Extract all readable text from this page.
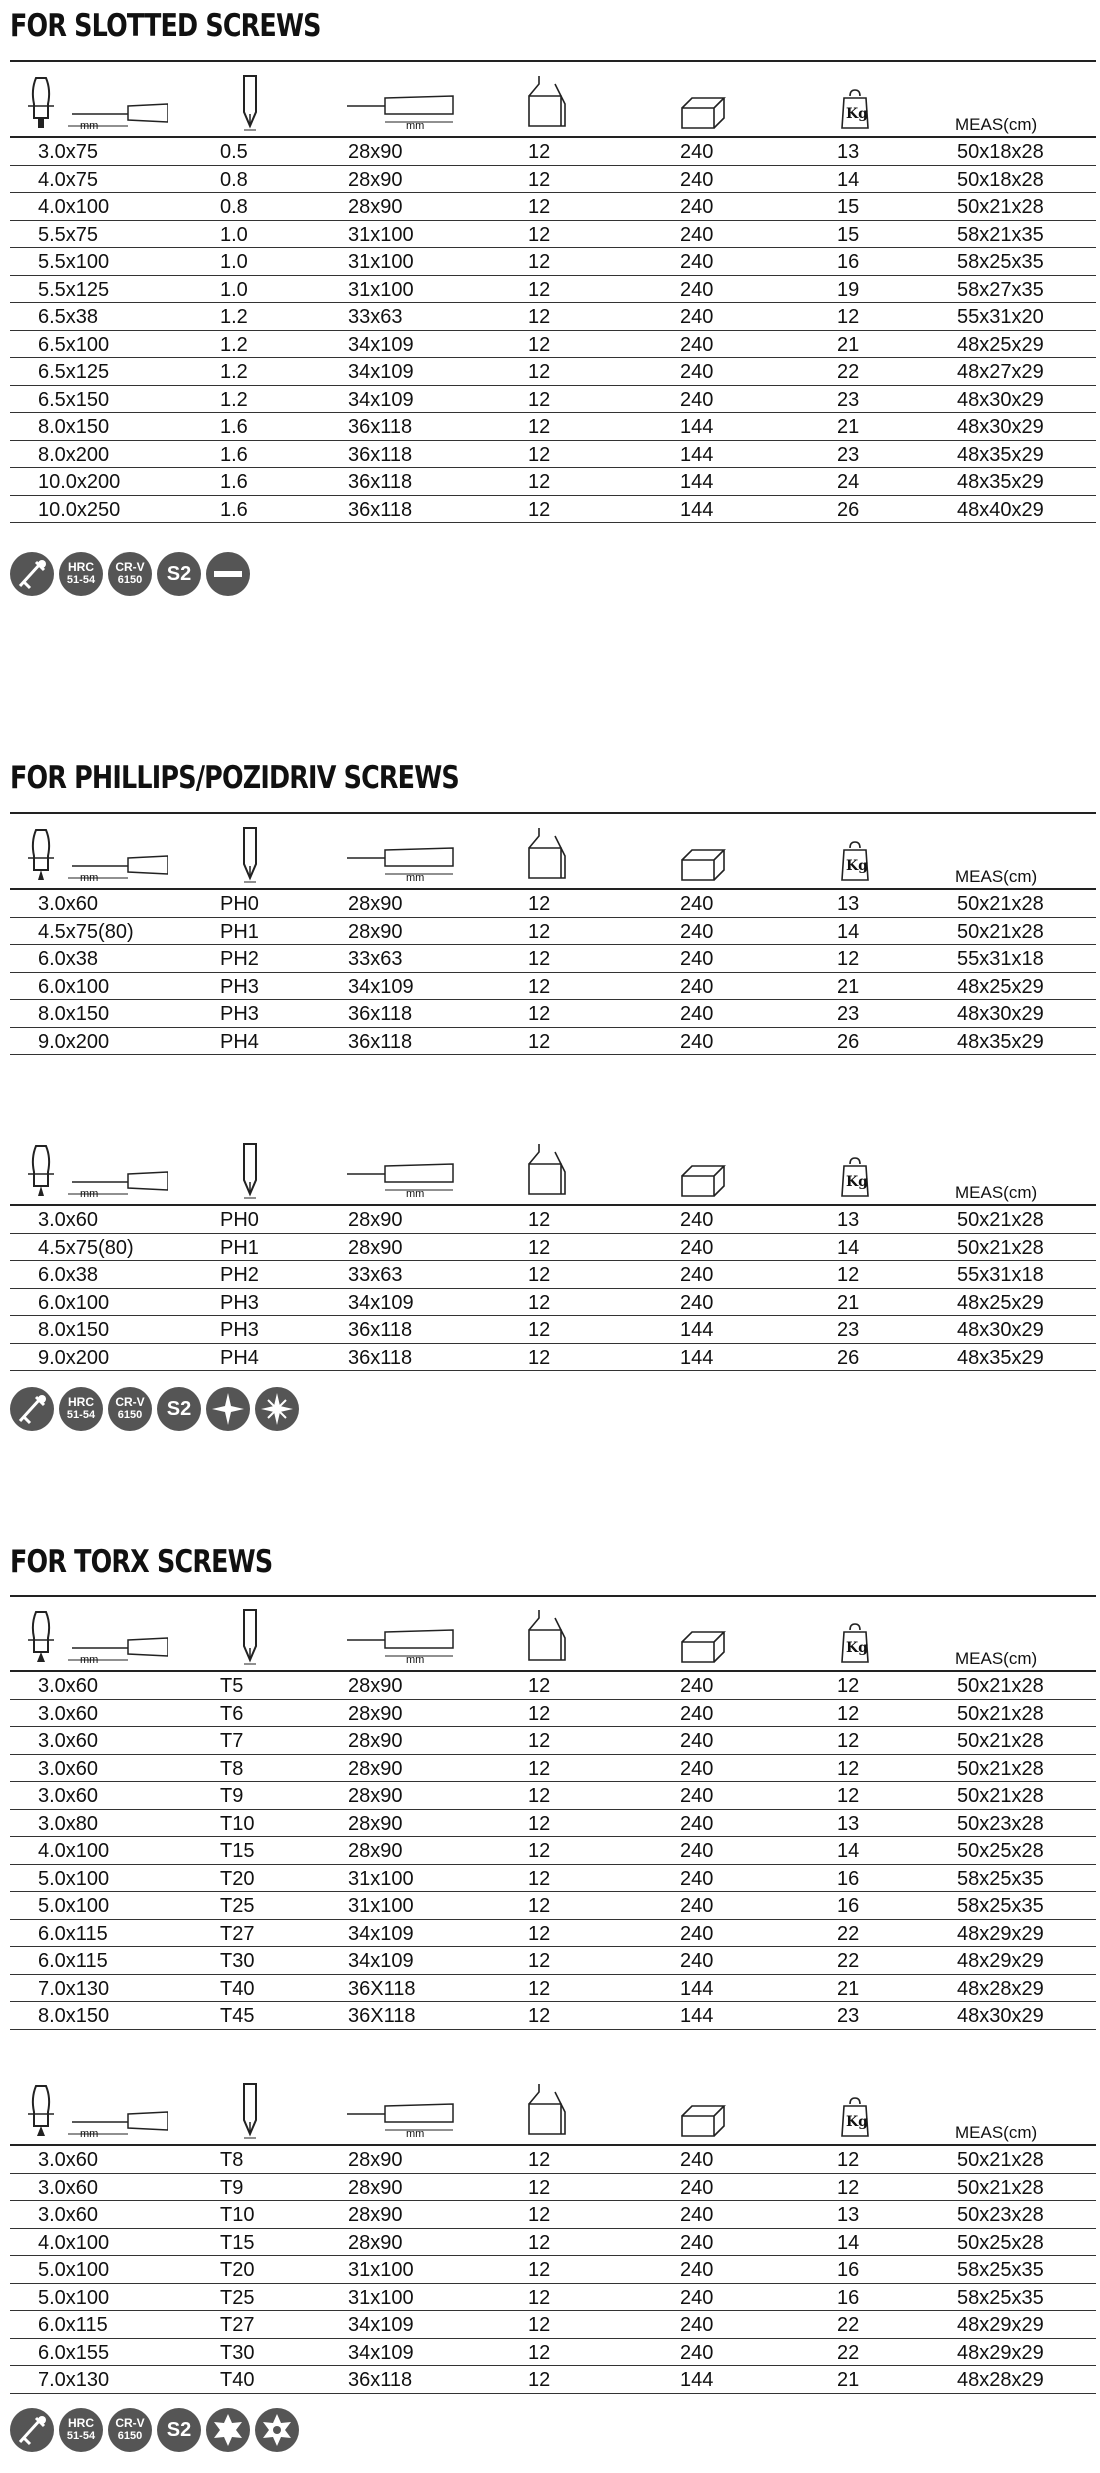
FOR SLOTTED SCREWS
mm	mm
Kg
MEAS(cm)
3.0x75	0.5	28x90	12	240	13	50x18x28
4.0x75	0.8	28x90	12	240	14	50x18x28
4.0x100	0.8	28x90	12	240	15	50x21x28
5.5x75	1.0	31x100	12	240	15	58x21x35
5.5x100	1.0	31x100	12	240	16	58x25x35
5.5x125	1.0	31x100	12	240	19	58x27x35
6.5x38	1.2	33x63	12	240	12	55x31x20
6.5x100	1.2	34x109	12	240	21	48x25x29
6.5x125	1.2	34x109	12	240	22	48x27x29
6.5x150	1.2	34x109	12	240	23	48x30x29
8.0x150	1.6	36x118	12	144	21	48x30x29
8.0x200	1.6	36x118	12	144	23	48x35x29
10.0x200	1.6	36x118	12	144	24	48x35x29
10.0x250	1.6	36x118	12	144	26	48x40x29
HRC
51-54
CR-V
6150	S2
FOR PHILLIPS/POZIDRIV SCREWS
mm	mm
Kg
MEAS(cm)
3.0x60	PH0	28x90	12	240	13	50x21x28
4.5x75(80)	PH1	28x90	12	240	14	50x21x28
6.0x38	PH2	33x63	12	240	12	55x31x18
6.0x100	PH3	34x109	12	240	21	48x25x29
8.0x150	PH3	36x118	12	240	23	48x30x29
9.0x200	PH4	36x118	12	240	26	48x35x29
mm	mm
Kg
MEAS(cm)
3.0x60	PH0	28x90	12	240	13	50x21x28
4.5x75(80)	PH1	28x90	12	240	14	50x21x28
6.0x38	PH2	33x63	12	240	12	55x31x18
6.0x100	PH3	34x109	12	240	21	48x25x29
8.0x150	PH3	36x118	12	144	23	48x30x29
9.0x200	PH4	36x118	12	144	26	48x35x29
HRC
51-54
CR-V
6150	S2
FOR TORX SCREWS
mm	mm
Kg
MEAS(cm)
3.0x60	T5	28x90	12	240	12	50x21x28
3.0x60	T6	28x90	12	240	12	50x21x28
3.0x60	T7	28x90	12	240	12	50x21x28
3.0x60	T8	28x90	12	240	12	50x21x28
3.0x60	T9	28x90	12	240	12	50x21x28
3.0x80	T10	28x90	12	240	13	50x23x28
4.0x100	T15	28x90	12	240	14	50x25x28
5.0x100	T20	31x100	12	240	16	58x25x35
5.0x100	T25	31x100	12	240	16	58x25x35
6.0x115	T27	34x109	12	240	22	48x29x29
6.0x115	T30	34x109	12	240	22	48x29x29
7.0x130	T40	36X118	12	144	21	48x28x29
8.0x150	T45	36X118	12	144	23	48x30x29
mm	mm
Kg
MEAS(cm)
3.0x60	T8	28x90	12	240	12	50x21x28
3.0x60	T9	28x90	12	240	12	50x21x28
3.0x60	T10	28x90	12	240	13	50x23x28
4.0x100	T15	28x90	12	240	14	50x25x28
5.0x100	T20	31x100	12	240	16	58x25x35
5.0x100	T25	31x100	12	240	16	58x25x35
6.0x115	T27	34x109	12	240	22	48x29x29
6.0x155	T30	34x109	12	240	22	48x29x29
7.0x130	T40	36x118	12	144	21	48x28x29
HRC
51-54
CR-V
6150	S2
